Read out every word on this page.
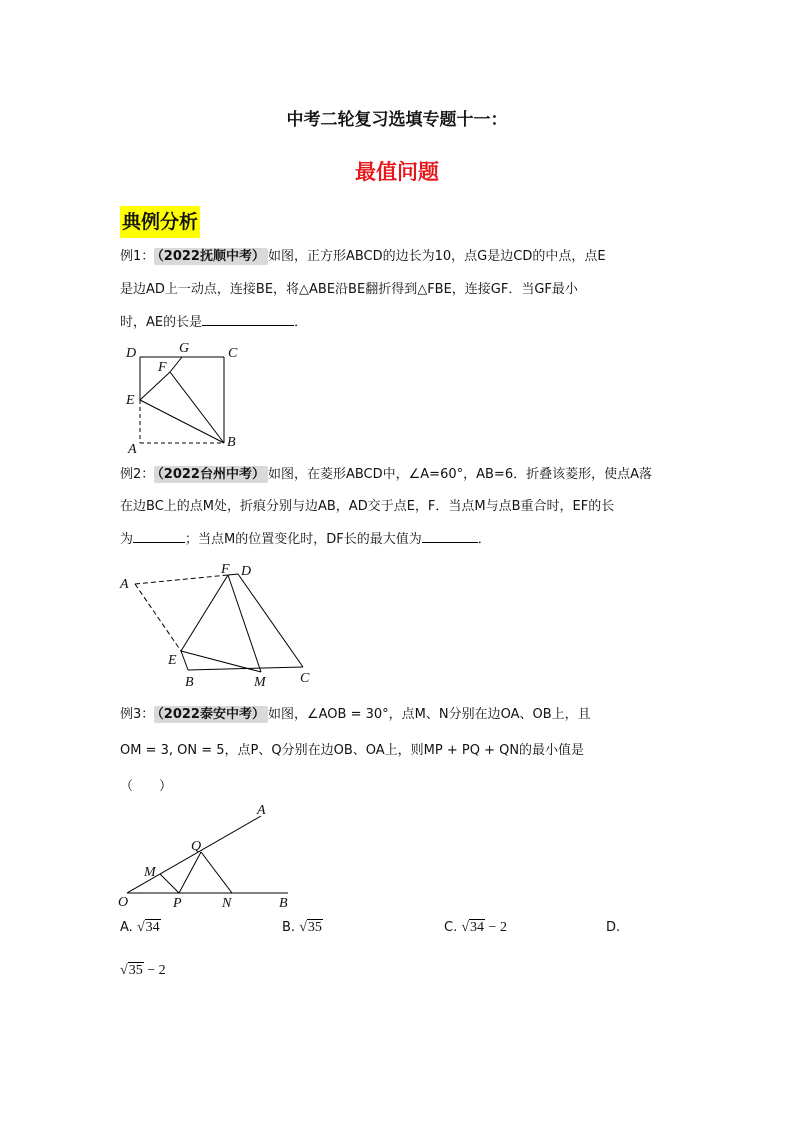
中考二轮复习选填专题十一：
最值问题
典例分析
例1： （2022抚顺中考） 如图，正方形ABCD的边长为10，点G是边CD的中点，点E
是边AD上一动点，连接BE，将△ABE沿BE翻折得到△FBE，连接GF．当GF最小
时，AE的长是	．
D	G	C
F
E
A	B
例2： （2022台州中考） 如图，在菱形ABCD中，∠A=60°，AB=6．折叠该菱形，使点A落
在边BC上的点M处，折痕分别与边AB，AD交于点E，F．当点M与点B重合时，EF的长
为	；当点M的位置变化时，DF长的最大值为	．
A
F D
E
B	M C
例3： （2022泰安中考） 如图，∠AOB = 30°，点M、N分别在边OA、OB上，且
OM = 3, ON = 5，点P、Q分别在边OB、OA上，则MP + PQ + QN的最小值是
（　　）
A
Q
M
O	P	N	B
A. √34	B. √35	C. √34 − 2	D.
√35 − 2
